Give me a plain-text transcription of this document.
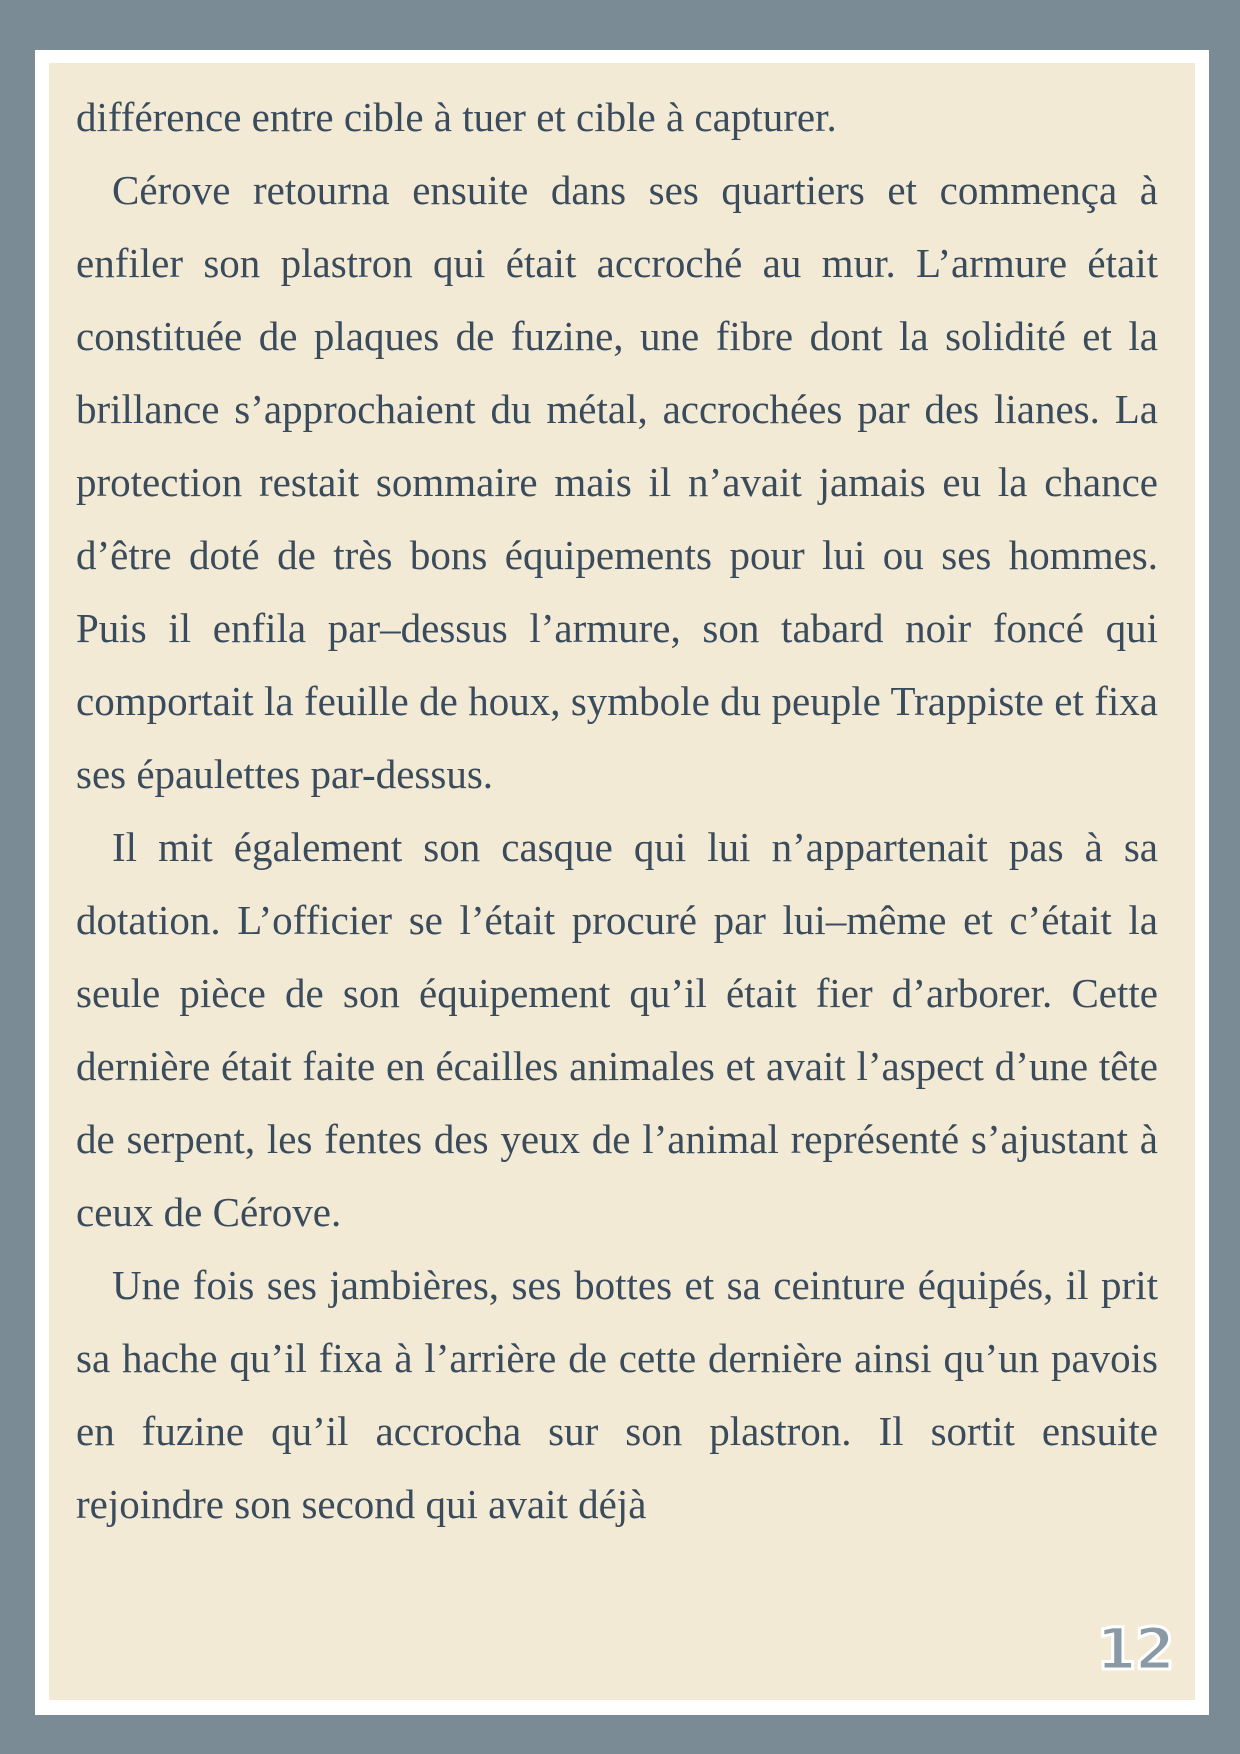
différence entre cible à tuer et cible à capturer.

Cérove retourna ensuite dans ses quartiers et commença à enfiler son plastron qui était accroché au mur. L’armure était constituée de plaques de fuzine, une fibre dont la solidité et la brillance s’approchaient du métal, accrochées par des lianes. La protection restait sommaire mais il n’avait jamais eu la chance d’être doté de très bons équipements pour lui ou ses hommes. Puis il enfila par–dessus l’armure, son tabard noir foncé qui comportait la feuille de houx, symbole du peuple Trappiste et fixa ses épaulettes par-dessus.

Il mit également son casque qui lui n’appartenait pas à sa dotation. L’officier se l’était procuré par lui–même et c’était la seule pièce de son équipement qu’il était fier d’arborer. Cette dernière était faite en écailles animales et avait l’aspect d’une tête de serpent, les fentes des yeux de l’animal représenté s’ajustant à ceux de Cérove.

Une fois ses jambières, ses bottes et sa ceinture équipés, il prit sa hache qu’il fixa à l’arrière de cette dernière ainsi qu’un pavois en fuzine qu’il accrocha sur son plastron. Il sortit ensuite rejoindre son second qui avait déjà

12
